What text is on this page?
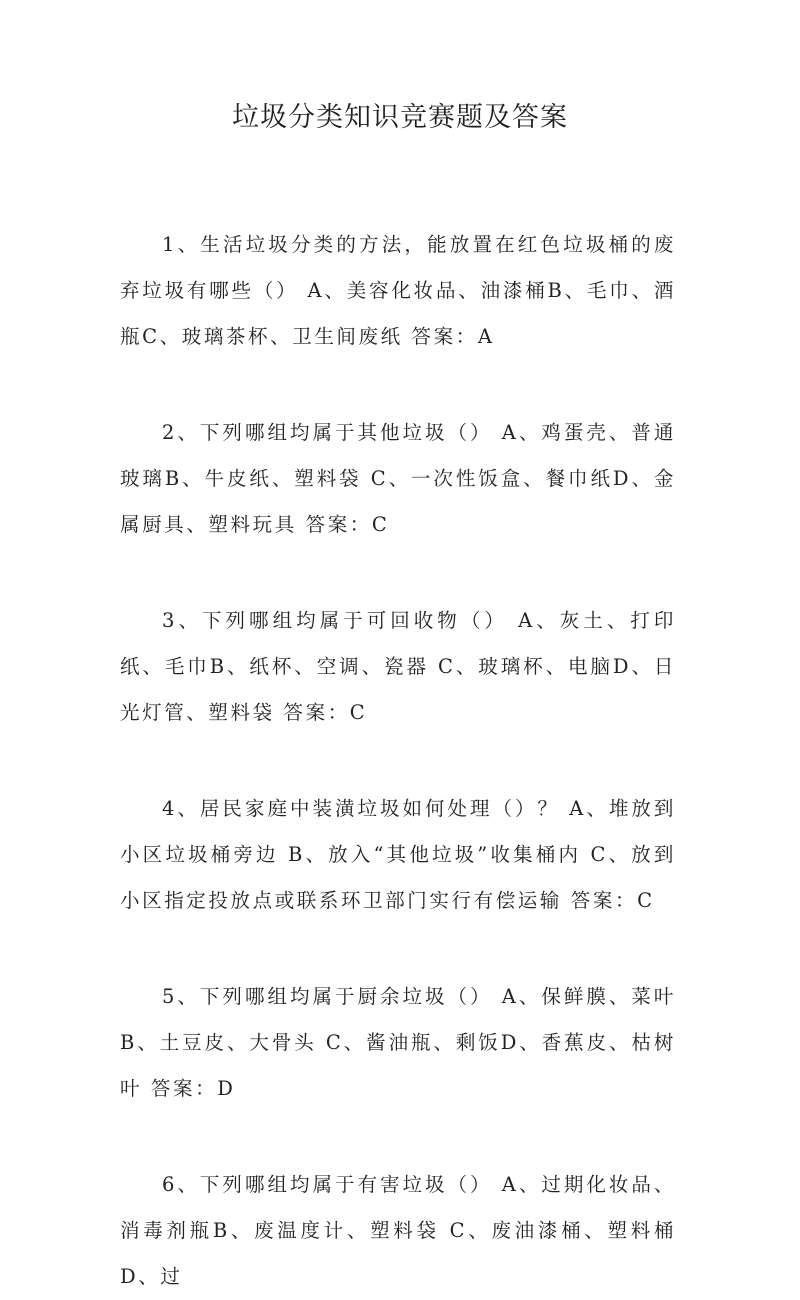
垃圾分类知识竞赛题及答案

1、生活垃圾分类的方法，能放置在红色垃圾桶的废弃垃圾有哪些（） A、美容化妆品、油漆桶B、毛巾、酒瓶C、玻璃茶杯、卫生间废纸 答案：A

2、下列哪组均属于其他垃圾（） A、鸡蛋壳、普通玻璃B、牛皮纸、塑料袋 C、一次性饭盒、餐巾纸D、金属厨具、塑料玩具 答案：C

3、下列哪组均属于可回收物（） A、灰土、打印纸、毛巾B、纸杯、空调、瓷器 C、玻璃杯、电脑D、日光灯管、塑料袋 答案：C

4、居民家庭中装潢垃圾如何处理（）？ A、堆放到小区垃圾桶旁边 B、放入“其他垃圾”收集桶内 C、放到小区指定投放点或联系环卫部门实行有偿运输 答案：C

5、下列哪组均属于厨余垃圾（） A、保鲜膜、菜叶B、土豆皮、大骨头 C、酱油瓶、剩饭D、香蕉皮、枯树叶 答案：D

6、下列哪组均属于有害垃圾（） A、过期化妆品、消毒剂瓶B、废温度计、塑料袋 C、废油漆桶、塑料桶D、过
